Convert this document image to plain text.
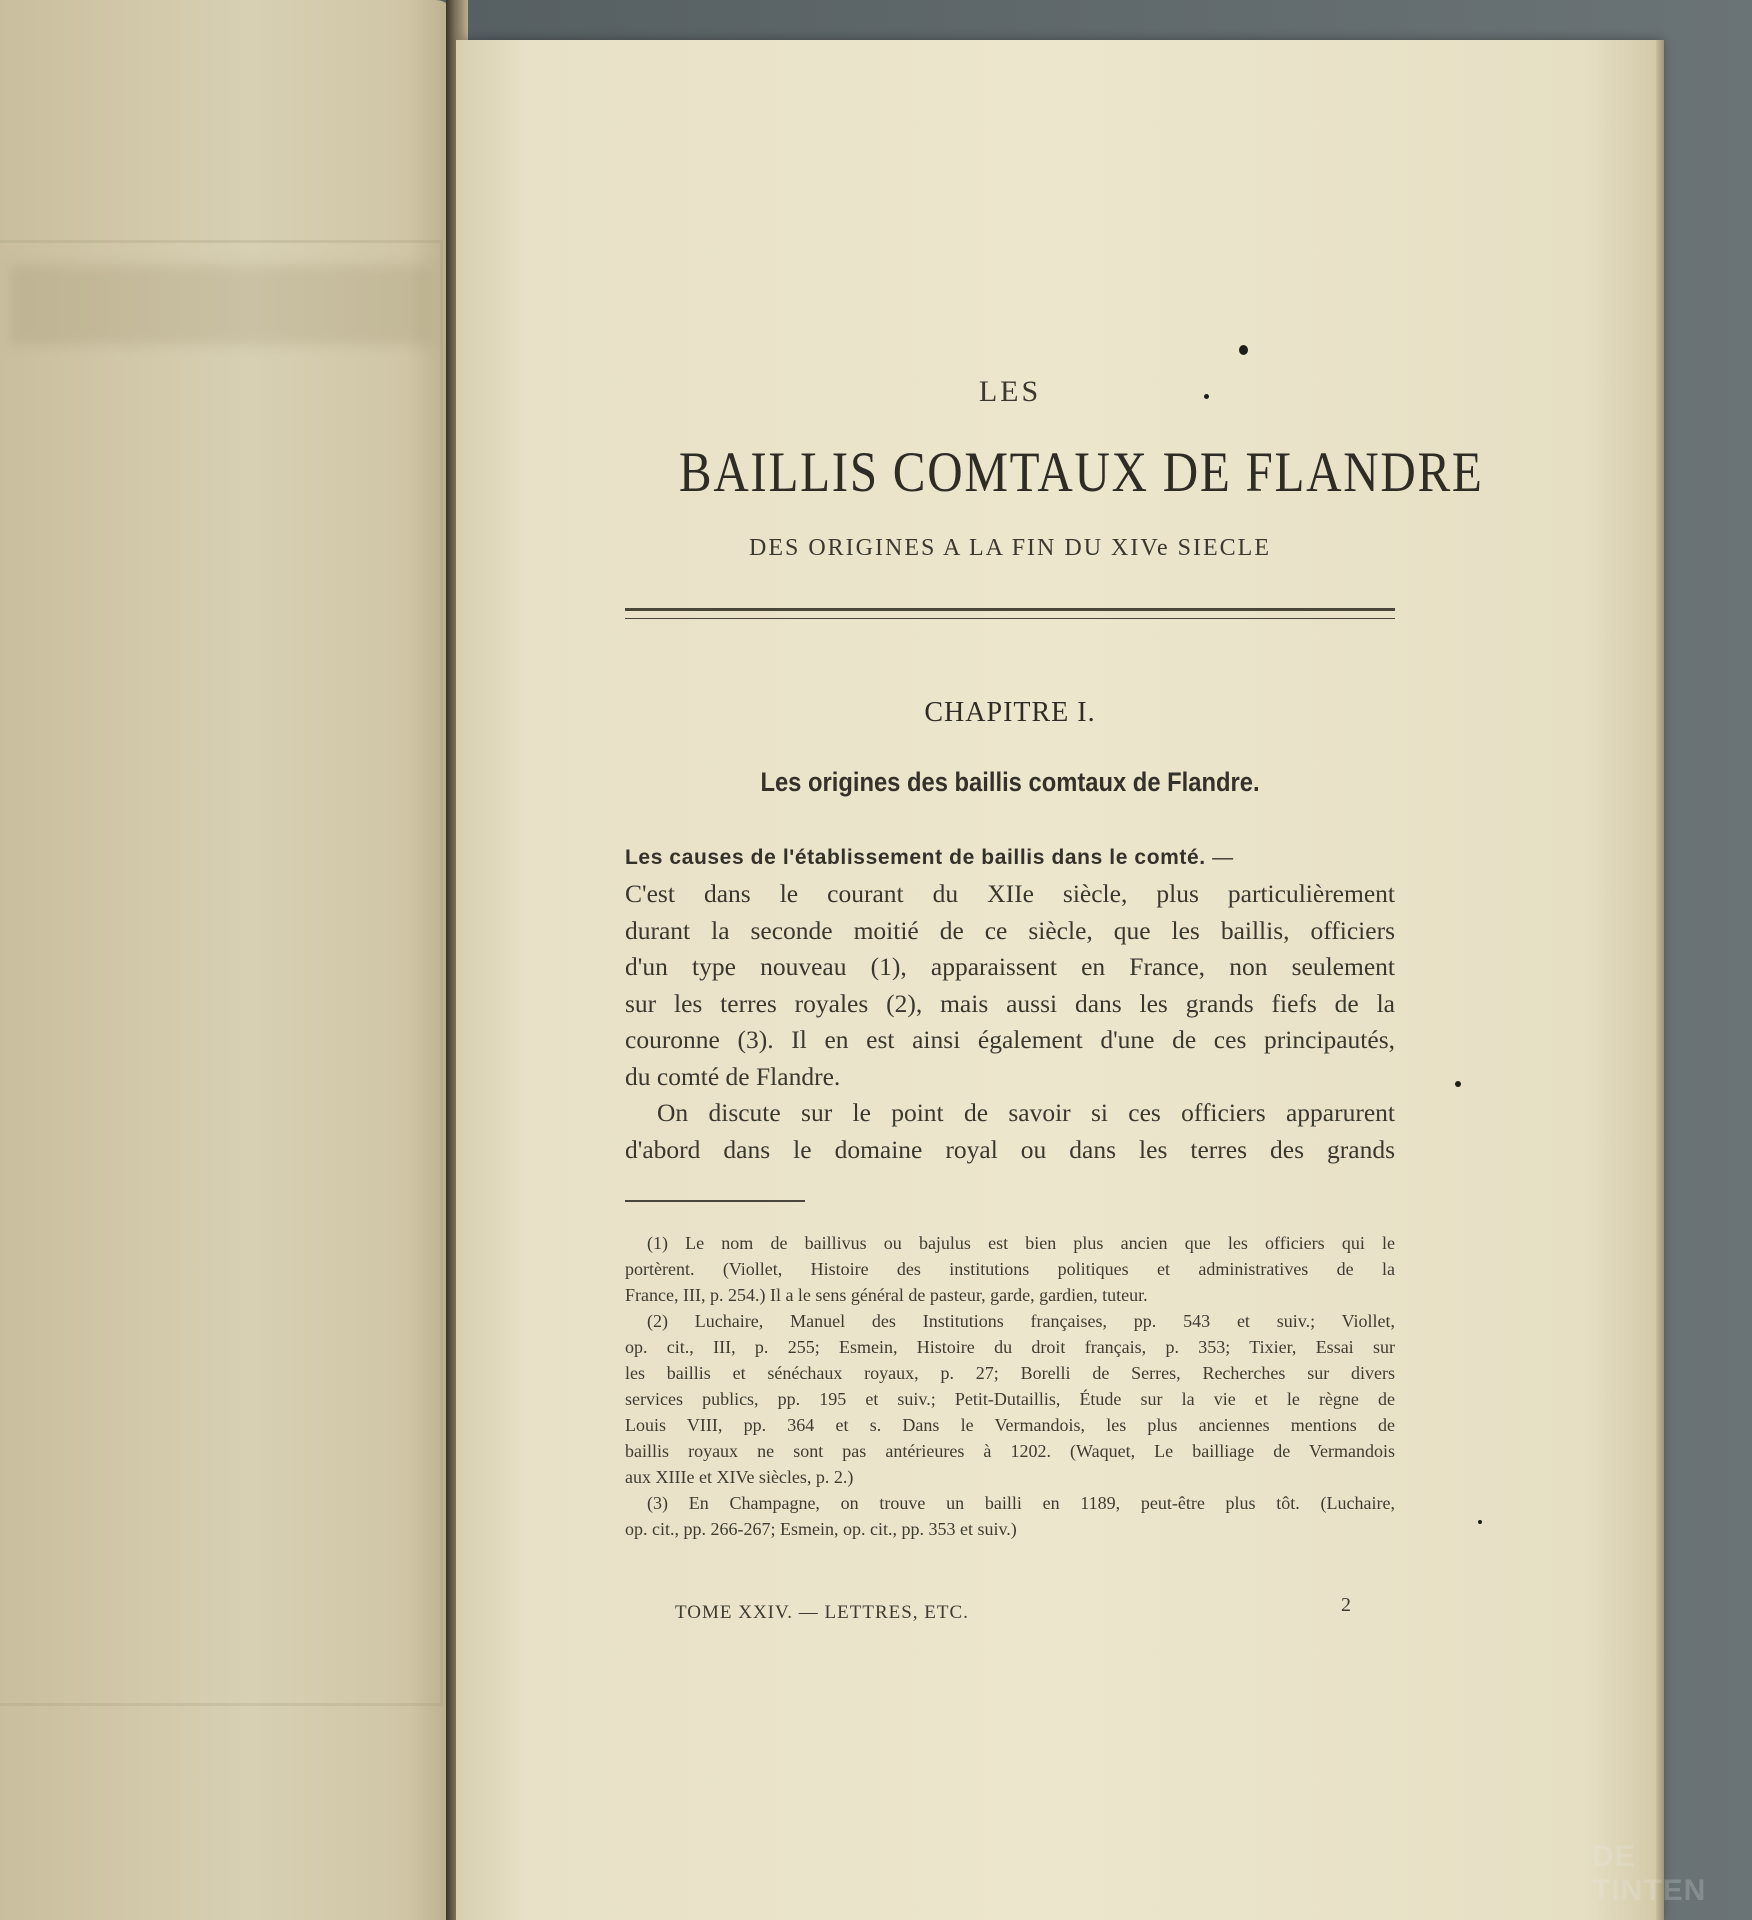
LES
BAILLIS COMTAUX DE FLANDRE
DES ORIGINES A LA FIN DU XIVe SIECLE
CHAPITRE I.
Les origines des baillis comtaux de Flandre.
Les causes de l'établissement de baillis dans le comté. —
C'est dans le courant du XIIe siècle, plus particulièrement
durant la seconde moitié de ce siècle, que les baillis, officiers
d'un type nouveau (1), apparaissent en France, non seulement
sur les terres royales (2), mais aussi dans les grands fiefs de la
couronne (3). Il en est ainsi également d'une de ces principautés,
du comté de Flandre.
On discute sur le point de savoir si ces officiers apparurent
d'abord dans le domaine royal ou dans les terres des grands
(1) Le nom de baillivus ou bajulus est bien plus ancien que les officiers qui le
portèrent. (Viollet, Histoire des institutions politiques et administratives de la
France, III, p. 254.) Il a le sens général de pasteur, garde, gardien, tuteur.
(2) Luchaire, Manuel des Institutions françaises, pp. 543 et suiv.; Viollet,
op. cit., III, p. 255; Esmein, Histoire du droit français, p. 353; Tixier, Essai sur
les baillis et sénéchaux royaux, p. 27; Borelli de Serres, Recherches sur divers
services publics, pp. 195 et suiv.; Petit-Dutaillis, Étude sur la vie et le règne de
Louis VIII, pp. 364 et s. Dans le Vermandois, les plus anciennes mentions de
baillis royaux ne sont pas antérieures à 1202. (Waquet, Le bailliage de Vermandois
aux XIIIe et XIVe siècles, p. 2.)
(3) En Champagne, on trouve un bailli en 1189, peut-être plus tôt. (Luchaire,
op. cit., pp. 266-267; Esmein, op. cit., pp. 353 et suiv.)
TOME XXIV. — LETTRES, ETC.	2
DE TINTEN
